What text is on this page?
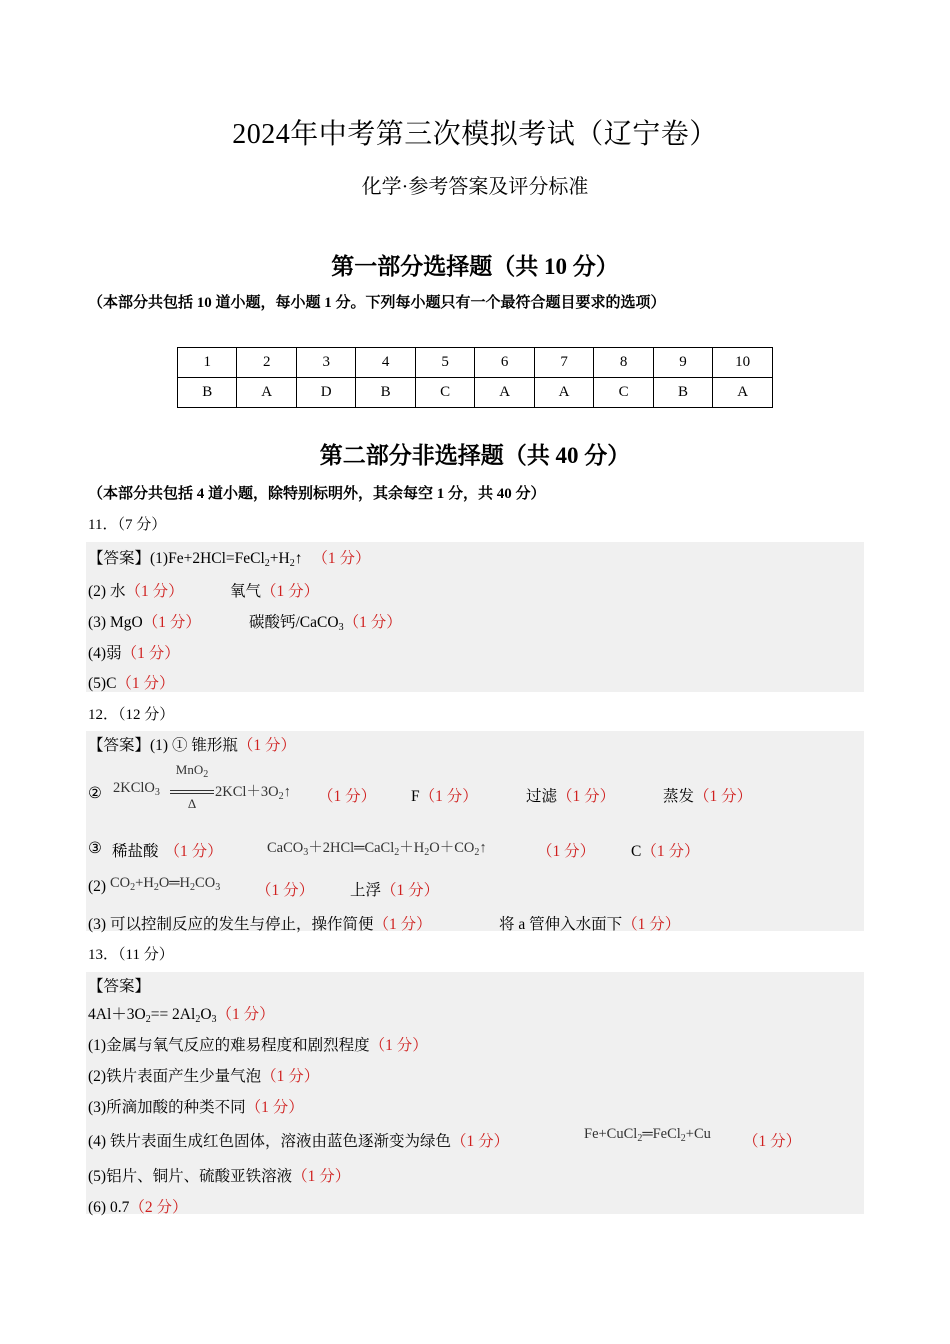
2024年中考第三次模拟考试（辽宁卷）
化学·参考答案及评分标准
第一部分选择题（共 10 分）
（本部分共包括 10 道小题，每小题 1 分。下列每小题只有一个最符合题目要求的选项）
1	2	3	4	5	6	7	8	9	10
B	A	D	B	C	A	A	C	B	A
第二部分非选择题（共 40 分）
（本部分共包括 4 道小题，除特别标明外，其余每空 1 分，共 40 分）
11．（7 分）
【答案】$(1)Fe+2HCl=FeCl_2+H_2↑$ （1 分）
(2) 水（1 分）	氧气（1 分）
(3) MgO（1 分）	碳酸钙/CaCO$_3$（1 分）
(4)弱（1 分）
(5)C（1 分）
12．（12 分）
【答案】(1) ① 锥形瓶（1 分）
② 2KClO$_3$
MnO$_2$
Δ
$2KCl+3O_2↑$ （1 分） F（1 分）	过滤（1 分）	蒸发（1 分）
③ 稀盐酸 （1 分）	$CaCO_3+2HCl═CaCl_2+H_2O+CO_2↑$	（1 分） C（1 分）
(2) $CO_2+H_2O═H_2CO_3$ （1 分） 上浮（1 分）
(3) 可以控制反应的发生与停止，操作简便（1 分）	将 a 管伸入水面下（1 分）
13．（11 分）
【答案】
$4Al+3O_2== 2Al_2O_3(1$ 分）
(1)金属与氧气反应的难易程度和剧烈程度（1 分）
(2)铁片表面产生少量气泡（1 分）
(3)所滴加酸的种类不同（1 分）
(4) 铁片表面生成红色固体，溶液由蓝色逐渐变为绿色（1 分）	Fe+CuCl$_2$═FeCl$_2$+Cu （1 分）
(5)铝片、铜片、硫酸亚铁溶液（1 分）
(6) 0.7（2 分）
